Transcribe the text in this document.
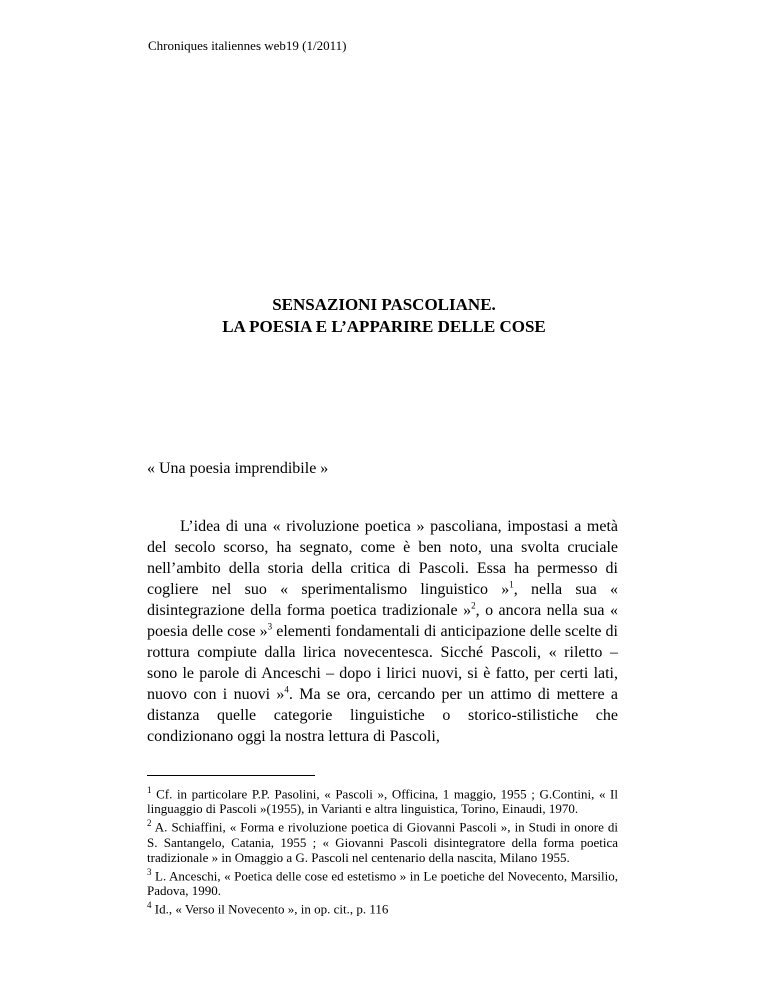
Chroniques italiennes web19 (1/2011)
SENSAZIONI PASCOLIANE.
LA POESIA E L’APPARIRE DELLE COSE
« Una poesia imprendibile »

L’idea di una « rivoluzione poetica » pascoliana, impostasi a metà del secolo scorso, ha segnato, come è ben noto, una svolta cruciale nell’ambito della storia della critica di Pascoli. Essa ha permesso di cogliere nel suo « sperimentalismo linguistico »$^1$, nella sua « disintegrazione della forma poetica tradizionale »$^2$, o ancora nella sua « poesia delle cose »$^3$ elementi fondamentali di anticipazione delle scelte di rottura compiute dalla lirica novecentesca. Sicché Pascoli, « riletto – sono le parole di Anceschi – dopo i lirici nuovi, si è fatto, per certi lati, nuovo con i nuovi »$^4$. Ma se ora, cercando per un attimo di mettere a distanza quelle categorie linguistiche o storico-stilistiche che condizionano oggi la nostra lettura di Pascoli,

$^1$ Cf. in particolare P.P. Pasolini, « Pascoli », Officina, 1 maggio, 1955 ; G.Contini, « Il linguaggio di Pascoli »(1955), in Varianti e altra linguistica, Torino, Einaudi, 1970.

$^2$ A. Schiaffini, « Forma e rivoluzione poetica di Giovanni Pascoli », in Studi in onore di S. Santangelo, Catania, 1955 ; « Giovanni Pascoli disintegratore della forma poetica tradizionale » in Omaggio a G. Pascoli nel centenario della nascita, Milano 1955.

$^3$ L. Anceschi, « Poetica delle cose ed estetismo » in Le poetiche del Novecento, Marsilio, Padova, 1990.

$^4$ Id., « Verso il Novecento », in op. cit., p. 116
